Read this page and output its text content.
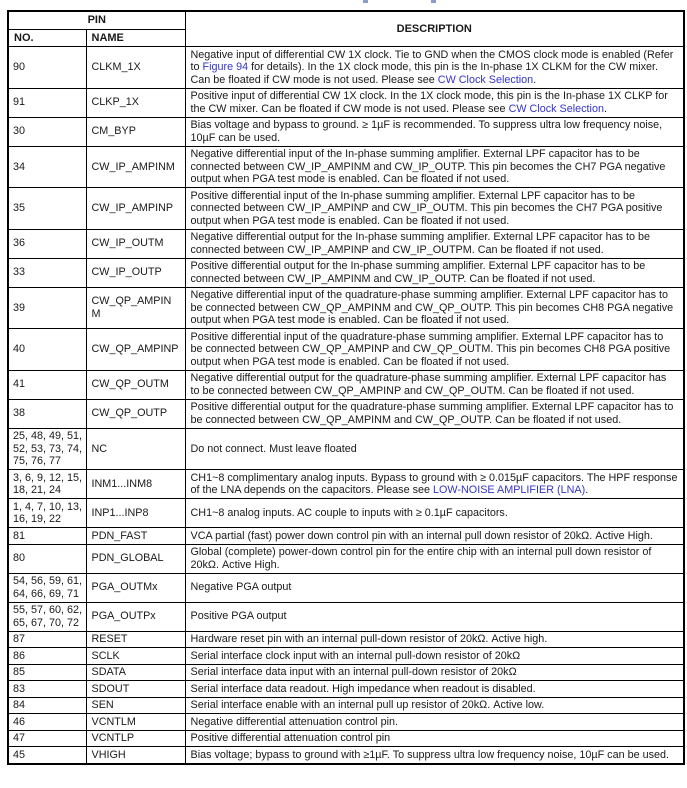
PIN		DESCRIPTION
NO.	NAME	
90	CLKM_1X	Negative input of differential CW 1X clock. Tie to GND when the CMOS clock mode is enabled (Refer to Figure 94 for details). In the 1X clock mode, this pin is the In-phase 1X CLKM for the CW mixer. Can be floated if CW mode is not used. Please see CW Clock Selection.
91	CLKP_1X	Positive input of differential CW 1X clock. In the 1X clock mode, this pin is the In-phase 1X CLKP for the CW mixer. Can be floated if CW mode is not used. Please see CW Clock Selection.
30	CM_BYP	Bias voltage and bypass to ground. ≥ 1µF is recommended. To suppress ultra low frequency noise, 10µF can be used.
34	CW_IP_AMPINM	Negative differential input of the In-phase summing amplifier. External LPF capacitor has to be connected between CW_IP_AMPINM and CW_IP_OUTP. This pin becomes the CH7 PGA negative output when PGA test mode is enabled. Can be floated if not used.
35	CW_IP_AMPINP	Positive differential input of the In-phase summing amplifier. External LPF capacitor has to be connected between CW_IP_AMPINP and CW_IP_OUTM. This pin becomes the CH7 PGA positive output when PGA test mode is enabled. Can be floated if not used.
36	CW_IP_OUTM	Negative differential output for the In-phase summing amplifier. External LPF capacitor has to be connected between CW_IP_AMPINP and CW_IP_OUTPM. Can be floated if not used.
33	CW_IP_OUTP	Positive differential output for the In-phase summing amplifier. External LPF capacitor has to be connected between CW_IP_AMPINM and CW_IP_OUTP. Can be floated if not used.
39	CW_QP_AMPINM	Negative differential input of the quadrature-phase summing amplifier. External LPF capacitor has to be connected between CW_QP_AMPINM and CW_QP_OUTP. This pin becomes CH8 PGA negative output when PGA test mode is enabled. Can be floated if not used.
40	CW_QP_AMPINP	Positive differential input of the quadrature-phase summing amplifier. External LPF capacitor has to be connected between CW_QP_AMPINP and CW_QP_OUTM. This pin becomes CH8 PGA positive output when PGA test mode is enabled. Can be floated if not used.
41	CW_QP_OUTM	Negative differential output for the quadrature-phase summing amplifier. External LPF capacitor has to be connected between CW_QP_AMPINP and CW_QP_OUTM. Can be floated if not used.
38	CW_QP_OUTP	Positive differential output for the quadrature-phase summing amplifier. External LPF capacitor has to be connected between CW_QP_AMPINM and CW_QP_OUTP. Can be floated if not used.
25, 48, 49, 51, 52, 53, 73, 74, 75, 76, 77	NC	Do not connect. Must leave floated
3, 6, 9, 12, 15, 18, 21, 24	INM1...INM8	CH1~8 complimentary analog inputs. Bypass to ground with ≥ 0.015µF capacitors. The HPF response of the LNA depends on the capacitors. Please see LOW-NOISE AMPLIFIER (LNA).
1, 4, 7, 10, 13, 16, 19, 22	INP1...INP8	CH1~8 analog inputs. AC couple to inputs with ≥ 0.1µF capacitors.
81	PDN_FAST	VCA partial (fast) power down control pin with an internal pull down resistor of 20kΩ. Active High.
80	PDN_GLOBAL	Global (complete) power-down control pin for the entire chip with an internal pull down resistor of 20kΩ. Active High.
54, 56, 59, 61, 64, 66, 69, 71	PGA_OUTMx	Negative PGA output
55, 57, 60, 62, 65, 67, 70, 72	PGA_OUTPx	Positive PGA output
87	RESET	Hardware reset pin with an internal pull-down resistor of 20kΩ. Active high.
86	SCLK	Serial interface clock input with an internal pull-down resistor of 20kΩ
85	SDATA	Serial interface data input with an internal pull-down resistor of 20kΩ
83	SDOUT	Serial interface data readout. High impedance when readout is disabled.
84	SEN	Serial interface enable with an internal pull up resistor of 20kΩ. Active low.
46	VCNTLM	Negative differential attenuation control pin.
47	VCNTLP	Positive differential attenuation control pin
45	VHIGH	Bias voltage; bypass to ground with ≥1µF. To suppress ultra low frequency noise, 10µF can be used.
